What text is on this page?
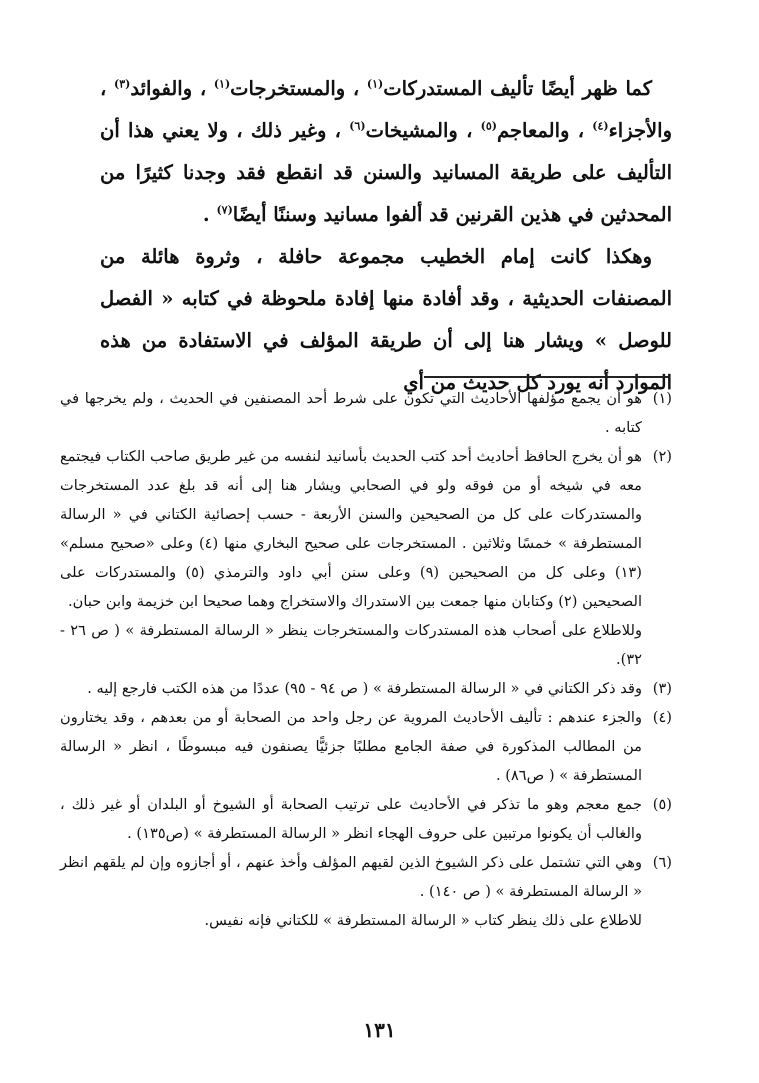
كما ظهر أيضًا تأليف المستدركات$^{(١)}$ ، والمستخرجات$^{(١)}$ ، والفوائد$^{(٣)}$ ، والأجزاء$^{(٤)}$ ، والمعاجم$^{(٥)}$ ، والمشيخات$^{(٦)}$ ، وغير ذلك ، ولا يعني هذا أن التأليف على طريقة المسانيد والسنن قد انقطع فقد وجدنا كثيرًا من المحدثين في هذين القرنين قد ألفوا مسانيد وسننًا أيضًا$^{(٧)}$ .

وهكذا كانت إمام الخطيب مجموعة حافلة ، وثروة هائلة من المصنفات الحديثية ، وقد أفادة منها إفادة ملحوظة في كتابه « الفصل للوصل » ويشار هنا إلى أن طريقة المؤلف في الاستفادة من هذه الموارد أنه يورد كل حديث من أي

(١)
هو أن يجمع مؤلفها الأحاديث التي تكون على شرط أحد المصنفين في الحديث ، ولم يخرجها في كتابه .
(٢)
هو أن يخرج الحافظ أحاديث أحد كتب الحديث بأسانيد لنفسه من غير طريق صاحب الكتاب فيجتمع معه في شيخه أو من فوقه ولو في الصحابي ويشار هنا إلى أنه قد بلغ عدد المستخرجات والمستدركات على كل من الصحيحين والسنن الأربعة - حسب إحصائية الكتاني في « الرسالة المستطرفة » خمسًا وثلاثين . المستخرجات على صحيح البخاري منها (٤) وعلى «صحيح مسلم» (١٣) وعلى كل من الصحيحين (٩) وعلى سنن أبي داود والترمذي (٥) والمستدركات على الصحيحين (٢) وكتابان منها جمعت بين الاستدراك والاستخراج وهما صحيحا ابن خزيمة وابن حبان.
وللاطلاع على أصحاب هذه المستدركات والمستخرجات ينظر « الرسالة المستطرفة » ( ص ٢٦ - ٣٢).
(٣)
وقد ذكر الكتاني في « الرسالة المستطرفة » ( ص ٩٤ - ٩٥) عددًا من هذه الكتب فارجع إليه .
(٤)
والجزء عندهم : تأليف الأحاديث المروية عن رجل واحد من الصحابة أو من بعدهم ، وقد يختارون من المطالب المذكورة في صفة الجامع مطلبًا جزئيًّا يصنفون فيه مبسوطًا ، انظر « الرسالة المستطرفة » ( ص٨٦) .
(٥)
جمع معجم وهو ما تذكر في الأحاديث على ترتيب الصحابة أو الشيوخ أو البلدان أو غير ذلك ، والغالب أن يكونوا مرتبين على حروف الهجاء انظر « الرسالة المستطرفة » (ص١٣٥) .
(٦)
وهي التي تشتمل على ذكر الشيوخ الذين لقيهم المؤلف وأخذ عنهم ، أو أجازوه وإن لم يلقهم انظر « الرسالة المستطرفة » ( ص ١٤٠) .
للاطلاع على ذلك ينظر كتاب « الرسالة المستطرفة » للكتاني فإنه نفيس.
١٣١
